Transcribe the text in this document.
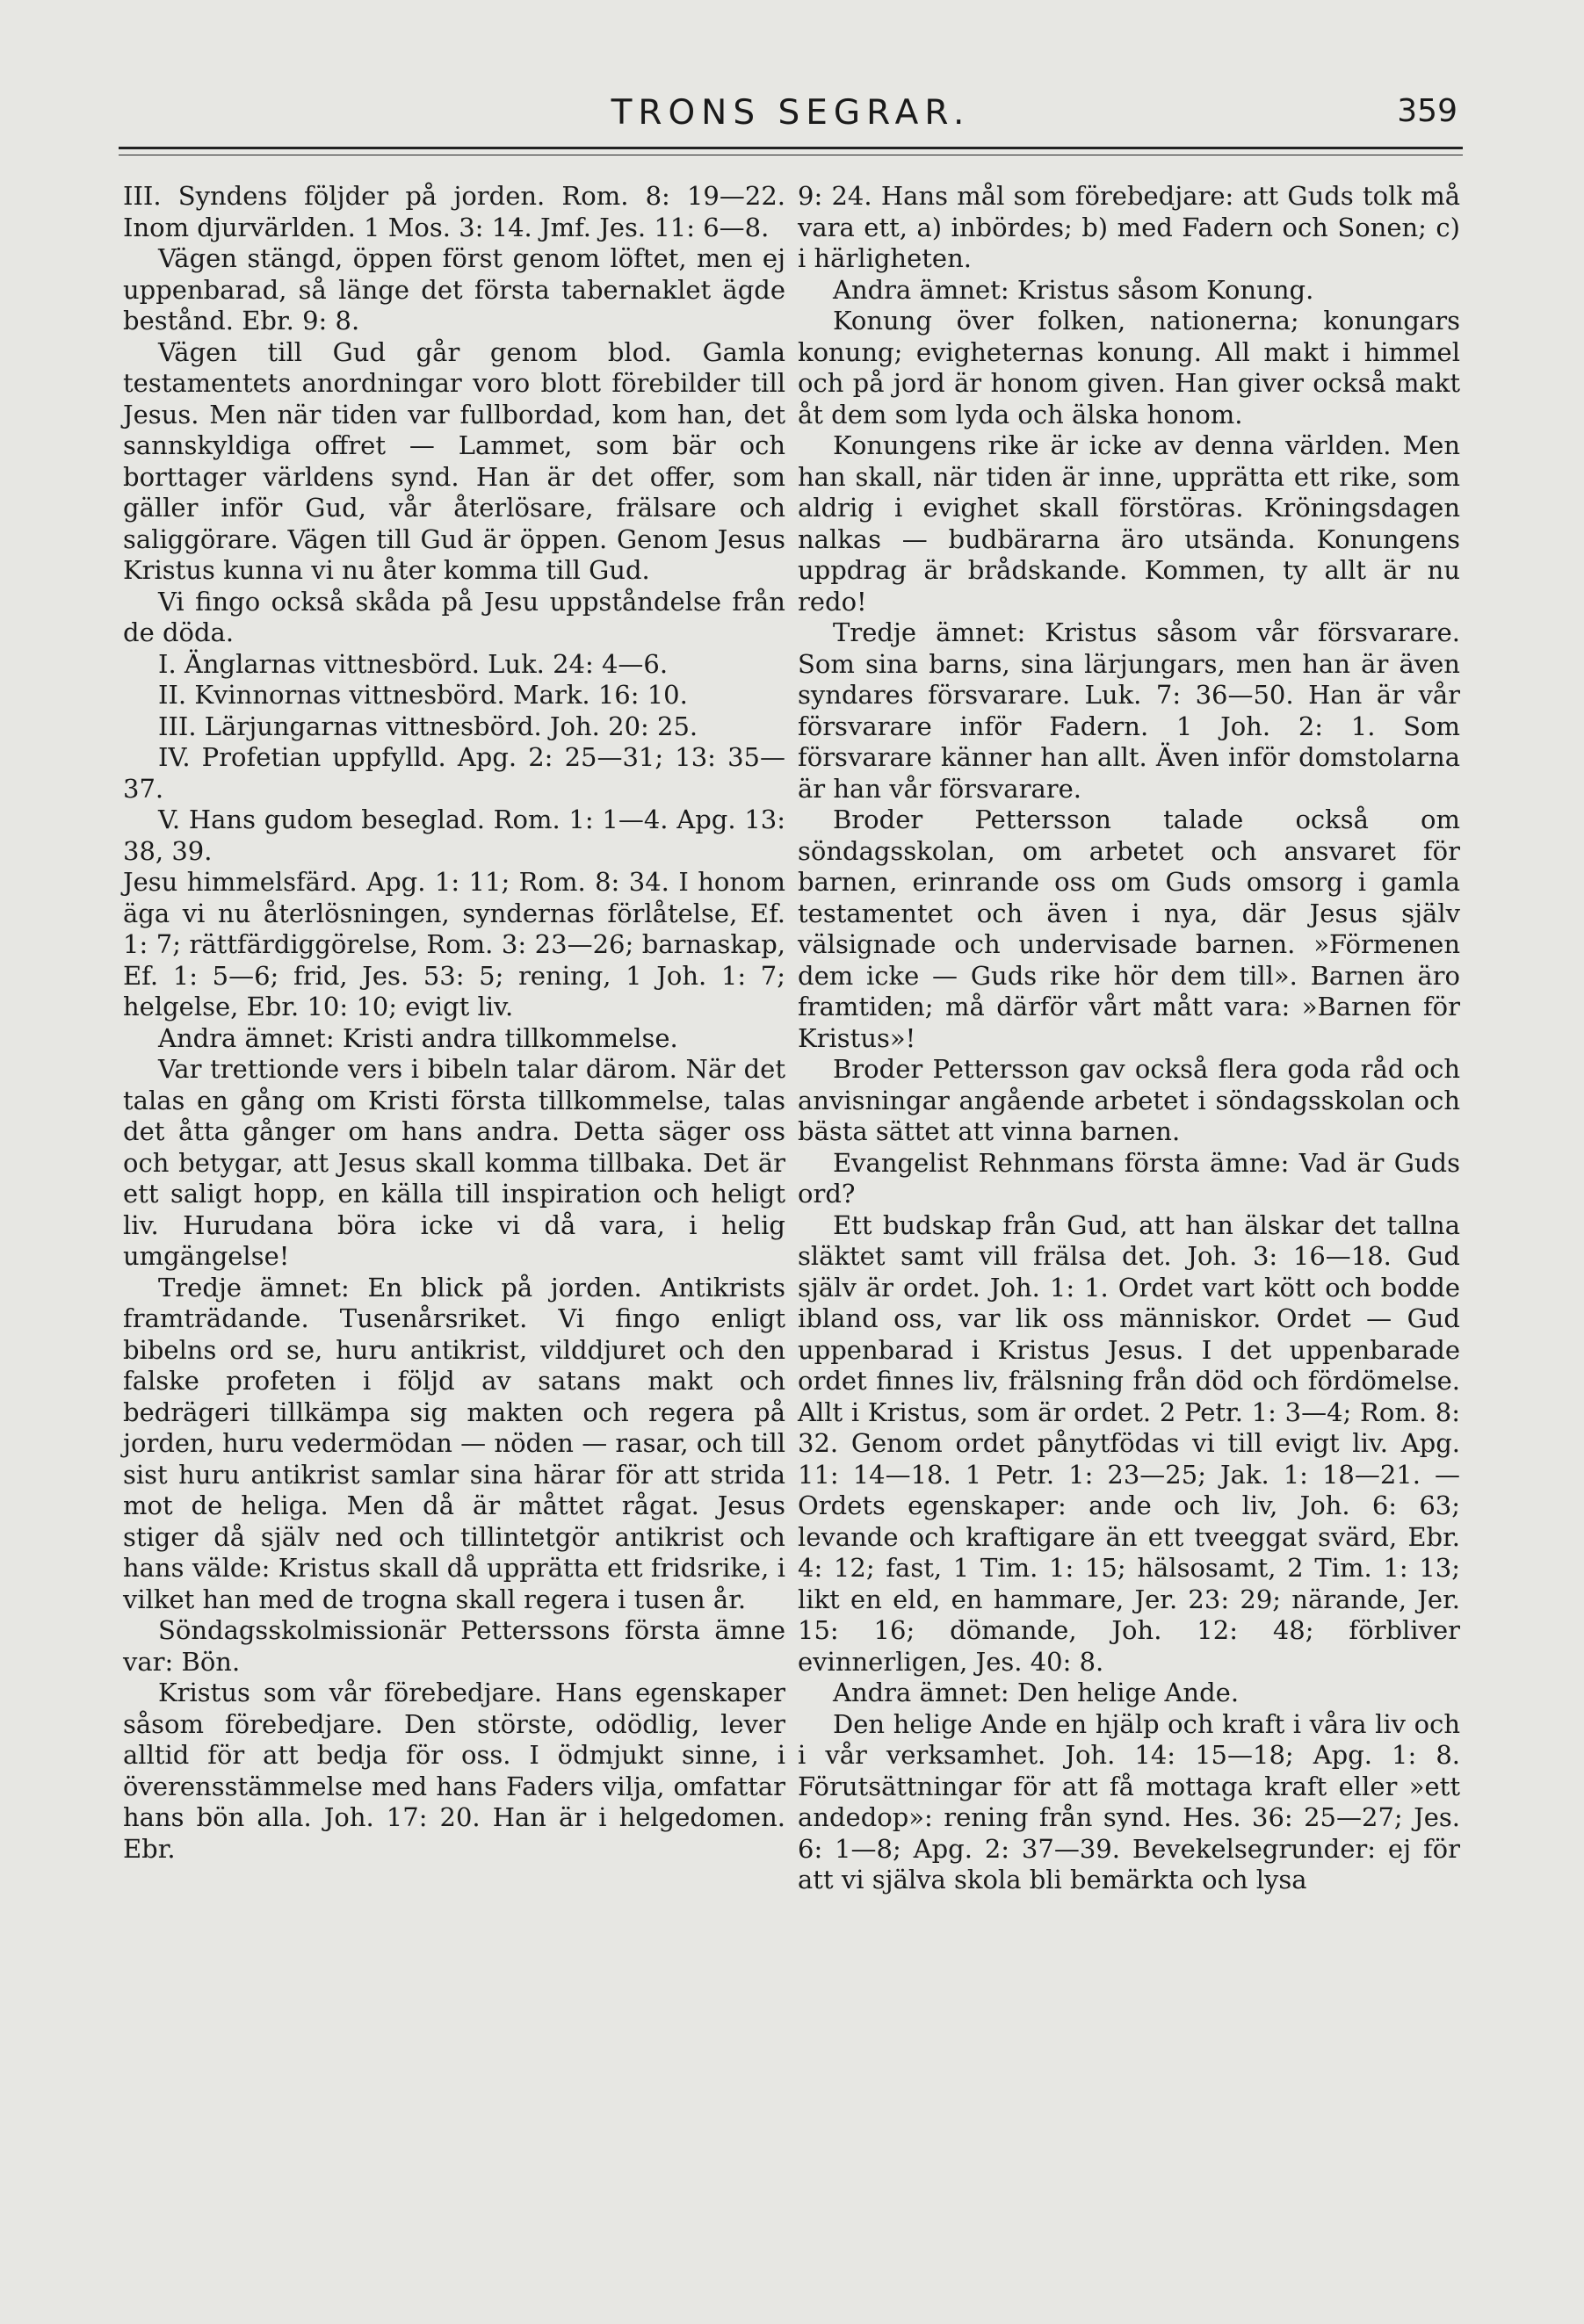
TRONS SEGRAR.	359

III. Syndens följder på jorden. Rom. 8: 19—22. Inom djurvärlden. 1 Mos. 3: 14. Jmf. Jes. 11: 6—8.

Vägen stängd, öppen först genom löftet, men ej uppenbarad, så länge det första tabernaklet ägde bestånd. Ebr. 9: 8.

Vägen till Gud går genom blod. Gamla testamentets anordningar voro blott förebilder till Jesus. Men när tiden var fullbordad, kom han, det sannskyldiga offret — Lammet, som bär och borttager världens synd. Han är det offer, som gäller inför Gud, vår återlösare, frälsare och saliggörare. Vägen till Gud är öppen. Genom Jesus Kristus kunna vi nu åter komma till Gud.

Vi fingo också skåda på Jesu uppståndelse från de döda.

I. Änglarnas vittnesbörd. Luk. 24: 4—6.

II. Kvinnornas vittnesbörd. Mark. 16: 10.

III. Lärjungarnas vittnesbörd. Joh. 20: 25.

IV. Profetian uppfylld. Apg. 2: 25—31; 13: 35—37.

V. Hans gudom beseglad. Rom. 1: 1—4. Apg. 13: 38, 39.

Jesu himmelsfärd. Apg. 1: 11; Rom. 8: 34. I honom äga vi nu återlösningen, syndernas förlåtelse, Ef. 1: 7; rättfärdiggörelse, Rom. 3: 23—26; barnaskap, Ef. 1: 5—6; frid, Jes. 53: 5; rening, 1 Joh. 1: 7; helgelse, Ebr. 10: 10; evigt liv.

Andra ämnet: Kristi andra tillkommelse.

Var trettionde vers i bibeln talar därom. När det talas en gång om Kristi första tillkommelse, talas det åtta gånger om hans andra. Detta säger oss och betygar, att Jesus skall komma tillbaka. Det är ett saligt hopp, en källa till inspiration och heligt liv. Hurudana böra icke vi då vara, i helig umgängelse!

Tredje ämnet: En blick på jorden. Antikrists framträdande. Tusenårsriket. Vi fingo enligt bibelns ord se, huru antikrist, vilddjuret och den falske profeten i följd av satans makt och bedrägeri tillkämpa sig makten och regera på jorden, huru vedermödan — nöden — rasar, och till sist huru antikrist samlar sina härar för att strida mot de heliga. Men då är måttet rågat. Jesus stiger då själv ned och tillintetgör antikrist och hans välde: Kristus skall då upprätta ett fridsrike, i vilket han med de trogna skall regera i tusen år.

Söndagsskolmissionär Petterssons första ämne var: Bön.

Kristus som vår förebedjare. Hans egenskaper såsom förebedjare. Den störste, odödlig, lever alltid för att bedja för oss. I ödmjukt sinne, i överensstämmelse med hans Faders vilja, omfattar hans bön alla. Joh. 17: 20. Han är i helgedomen. Ebr.

9: 24. Hans mål som förebedjare: att Guds tolk må vara ett, a) inbördes; b) med Fadern och Sonen; c) i härligheten.

Andra ämnet: Kristus såsom Konung.

Konung över folken, nationerna; konungars konung; evigheternas konung. All makt i himmel och på jord är honom given. Han giver också makt åt dem som lyda och älska honom.

Konungens rike är icke av denna världen. Men han skall, när tiden är inne, upprätta ett rike, som aldrig i evighet skall förstöras. Kröningsdagen nalkas — budbärarna äro utsända. Konungens uppdrag är brådskande. Kommen, ty allt är nu redo!

Tredje ämnet: Kristus såsom vår försvarare. Som sina barns, sina lärjungars, men han är även syndares försvarare. Luk. 7: 36—50. Han är vår försvarare inför Fadern. 1 Joh. 2: 1. Som försvarare känner han allt. Även inför domstolarna är han vår försvarare.

Broder Pettersson talade också om söndagsskolan, om arbetet och ansvaret för barnen, erinrande oss om Guds omsorg i gamla testamentet och även i nya, där Jesus själv välsignade och undervisade barnen. »Förmenen dem icke — Guds rike hör dem till». Barnen äro framtiden; må därför vårt mått vara: »Barnen för Kristus»!

Broder Pettersson gav också flera goda råd och anvisningar angående arbetet i söndagsskolan och bästa sättet att vinna barnen.

Evangelist Rehnmans första ämne: Vad är Guds ord?

Ett budskap från Gud, att han älskar det tallna släktet samt vill frälsa det. Joh. 3: 16—18. Gud själv är ordet. Joh. 1: 1. Ordet vart kött och bodde ibland oss, var lik oss människor. Ordet — Gud uppenbarad i Kristus Jesus. I det uppenbarade ordet finnes liv, frälsning från död och fördömelse. Allt i Kristus, som är ordet. 2 Petr. 1: 3—4; Rom. 8: 32. Genom ordet pånytfödas vi till evigt liv. Apg. 11: 14—18. 1 Petr. 1: 23—25; Jak. 1: 18—21. — Ordets egenskaper: ande och liv, Joh. 6: 63; levande och kraftigare än ett tveeggat svärd, Ebr. 4: 12; fast, 1 Tim. 1: 15; hälsosamt, 2 Tim. 1: 13; likt en eld, en hammare, Jer. 23: 29; närande, Jer. 15: 16; dömande, Joh. 12: 48; förbliver evinnerligen, Jes. 40: 8.

Andra ämnet: Den helige Ande.

Den helige Ande en hjälp och kraft i våra liv och i vår verksamhet. Joh. 14: 15—18; Apg. 1: 8. Förutsättningar för att få mottaga kraft eller »ett andedop»: rening från synd. Hes. 36: 25—27; Jes. 6: 1—8; Apg. 2: 37—39. Bevekelsegrunder: ej för att vi själva skola bli bemärkta och lysa
